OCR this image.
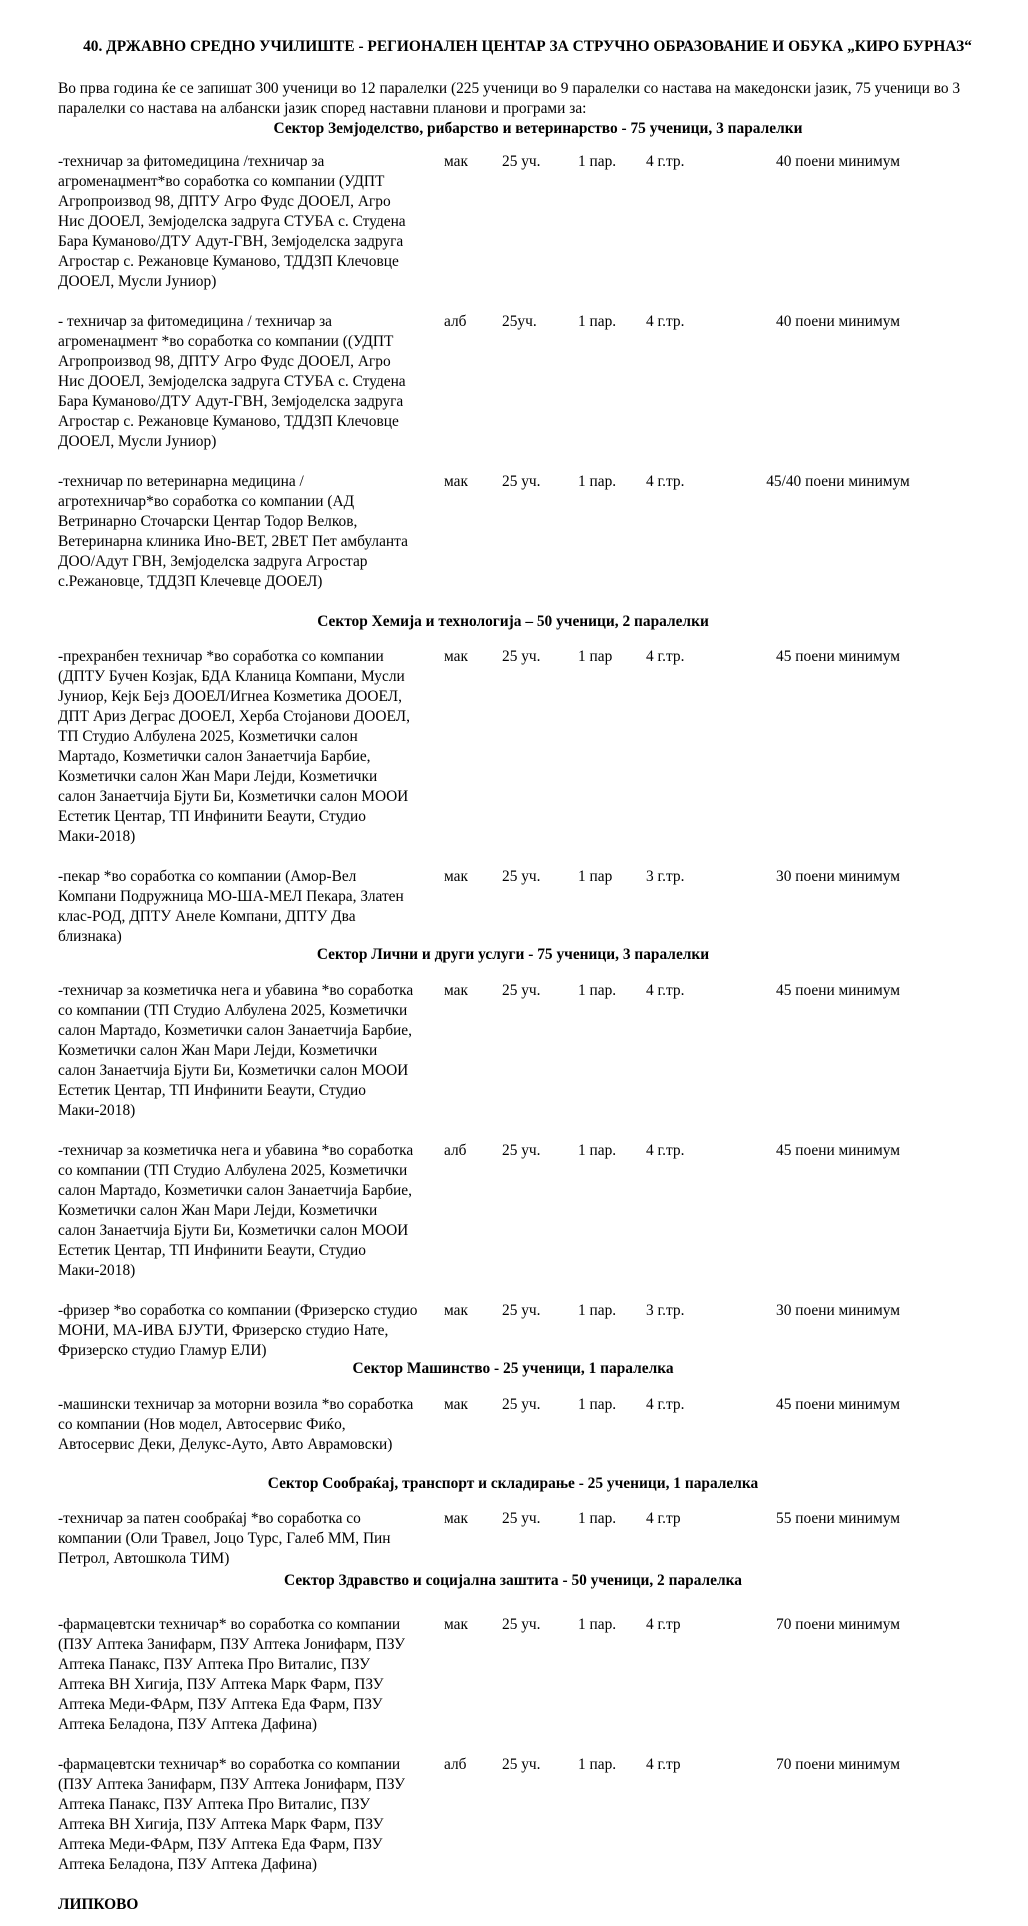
40. ДРЖАВНО СРЕДНО УЧИЛИШТЕ - РЕГИОНАЛЕН ЦЕНТАР ЗА СТРУЧНО ОБРАЗОВАНИЕ И ОБУКА „КИРО БУРНАЗ“
Во прва година ќе се запишат 300 ученици во 12 паралелки (225 ученици во 9 паралелки со настава на македонски јазик, 75 ученици во 3 паралелки со настава на албански јазик според наставни планови и програми за:
Сектор Земјоделство, рибарство и ветеринарство - 75 ученици, 3 паралелки
-техничар за фитомедицина /техничар за агроменаџмент*во соработка со компании (УДПТ Агропроизвод 98, ДПТУ Агро Фудс ДООЕЛ, Агро Нис ДООЕЛ, Земјоделска задруга СТУБА с. Студена Бара Куманово/ДТУ Адут-ГВН, Земјоделска задруга Агростар с. Режановце Куманово, ТДДЗП Клечовце ДООЕЛ, Мусли Јуниор)
мак 25 уч. 1 пар. 4 г.тр.	40 поени минимум
- техничар за фитомедицина / техничар за агроменаџмент *во соработка со компании ((УДПТ Агропроизвод 98, ДПТУ Агро Фудс ДООЕЛ, Агро Нис ДООЕЛ, Земјоделска задруга СТУБА с. Студена Бара Куманово/ДТУ Адут-ГВН, Земјоделска задруга Агростар с. Режановце Куманово, ТДДЗП Клечовце ДООЕЛ, Мусли Јуниор)
алб 25уч.	1 пар. 4 г.тр.	40 поени минимум
-техничар по ветеринарна медицина / агротехничар*во соработка со компании (АД Ветринарно Сточарски Центар Тодор Велков, Ветеринарна клиника Ино-ВЕТ, 2ВЕТ Пет амбуланта ДОО/Адут ГВН, Земјоделска задруга Агростар с.Режановце, ТДДЗП Клечевце ДООЕЛ)
мак 25 уч. 1 пар. 4 г.тр.	45/40 поени минимум
Сектор Хемија и технологија – 50 ученици, 2 паралелки
-прехранбен техничар *во соработка со компании (ДПТУ Бучен Козјак, БДА Кланица Компани, Мусли Јуниор, Кејк Бејз ДООЕЛ/Игнеа Козметика ДООЕЛ, ДПТ Ариз Деграс ДООЕЛ, Херба Стојанови ДООЕЛ, ТП Студио Албулена 2025, Козметички салон Мартадо, Козметички салон Занаетчија Барбие, Козметички салон Жан Мари Леjди, Козметички салон Занаетчија Бјути Би, Козметички салон МООИ Естетик Центар, ТП Инфинити Беаути, Студио Маки-2018)
мак 25 уч. 1 пар 4 г.тр.	45 поени минимум
-пекар *во соработка со компании (Амор-Вел Компани Подружница МО-ША-МЕЛ Пекара, Златен клас-РОД, ДПТУ Анеле Компани, ДПТУ Два близнака)
мак 25 уч. 1 пар 3 г.тр.	30 поени минимум
Сектор Лични и други услуги - 75 ученици, 3 паралелки
-техничар за козметичка нега и убавина *во соработка со компании (ТП Студио Албулена 2025, Козметички салон Мартадо, Козметички салон Занаетчија Барбие, Козметички салон Жан Мари Леjди, Козметички салон Занаетчија Бјути Би, Козметички салон МООИ Естетик Центар, ТП Инфинити Беаути, Студио Маки-2018)
мак 25 уч. 1 пар. 4 г.тр.	45 поени минимум
-техничар за козметичка нега и убавина *во соработка со компании (ТП Студио Албулена 2025, Козметички салон Мартадо, Козметички салон Занаетчија Барбие, Козметички салон Жан Мари Леjди, Козметички салон Занаетчија Бјути Би, Козметички салон МООИ Естетик Центар, ТП Инфинити Беаути, Студио Маки-2018)
алб 25 уч. 1 пар. 4 г.тр.	45 поени минимум
-фризер *во соработка со компании (Фризерско студио МОНИ, МА-ИВА БЈУТИ, Фризерско студио Нате, Фризерско студио Гламур ЕЛИ)
мак 25 уч. 1 пар. 3 г.тр.	30 поени минимум
Сектор Машинство - 25 ученици, 1 паралелка
-машински техничар за моторни возила *во соработка со компании (Нов модел, Автосервис Фиќо, Автосервис Деки, Делукс-Ауто, Авто Аврамовски)
мак 25 уч. 1 пар. 4 г.тр.	45 поени минимум
Сектор Сообраќај, транспорт и складирање - 25 ученици, 1 паралелка
-техничар за патен сообраќај *во соработка со компании (Оли Травел, Јоцо Турс, Галеб ММ, Пин Петрол, Автошкола ТИМ)
мак 25 уч. 1 пар. 4 г.тр	55 поени минимум
Сектор Здравство и социјална заштита - 50 ученици, 2 паралелка
-фармацевтски техничар* во соработка со компании (ПЗУ Аптека Занифарм, ПЗУ Аптека Јонифарм, ПЗУ Аптека Панакс, ПЗУ Аптека Про Виталис, ПЗУ Аптека ВН Хигија, ПЗУ Аптека Марк Фарм, ПЗУ Аптека Меди-ФАрм, ПЗУ Аптека Еда Фарм, ПЗУ Аптека Беладона, ПЗУ Аптека Дафина)
мак 25 уч. 1 пар. 4 г.тр	70 поени минимум
-фармацевтски техничар* во соработка со компании (ПЗУ Аптека Занифарм, ПЗУ Аптека Јонифарм, ПЗУ Аптека Панакс, ПЗУ Аптека Про Виталис, ПЗУ Аптека ВН Хигија, ПЗУ Аптека Марк Фарм, ПЗУ Аптека Меди-ФАрм, ПЗУ Аптека Еда Фарм, ПЗУ Аптека Беладона, ПЗУ Аптека Дафина)
алб 25 уч. 1 пар. 4 г.тр	70 поени минимум
ЛИПКОВО
